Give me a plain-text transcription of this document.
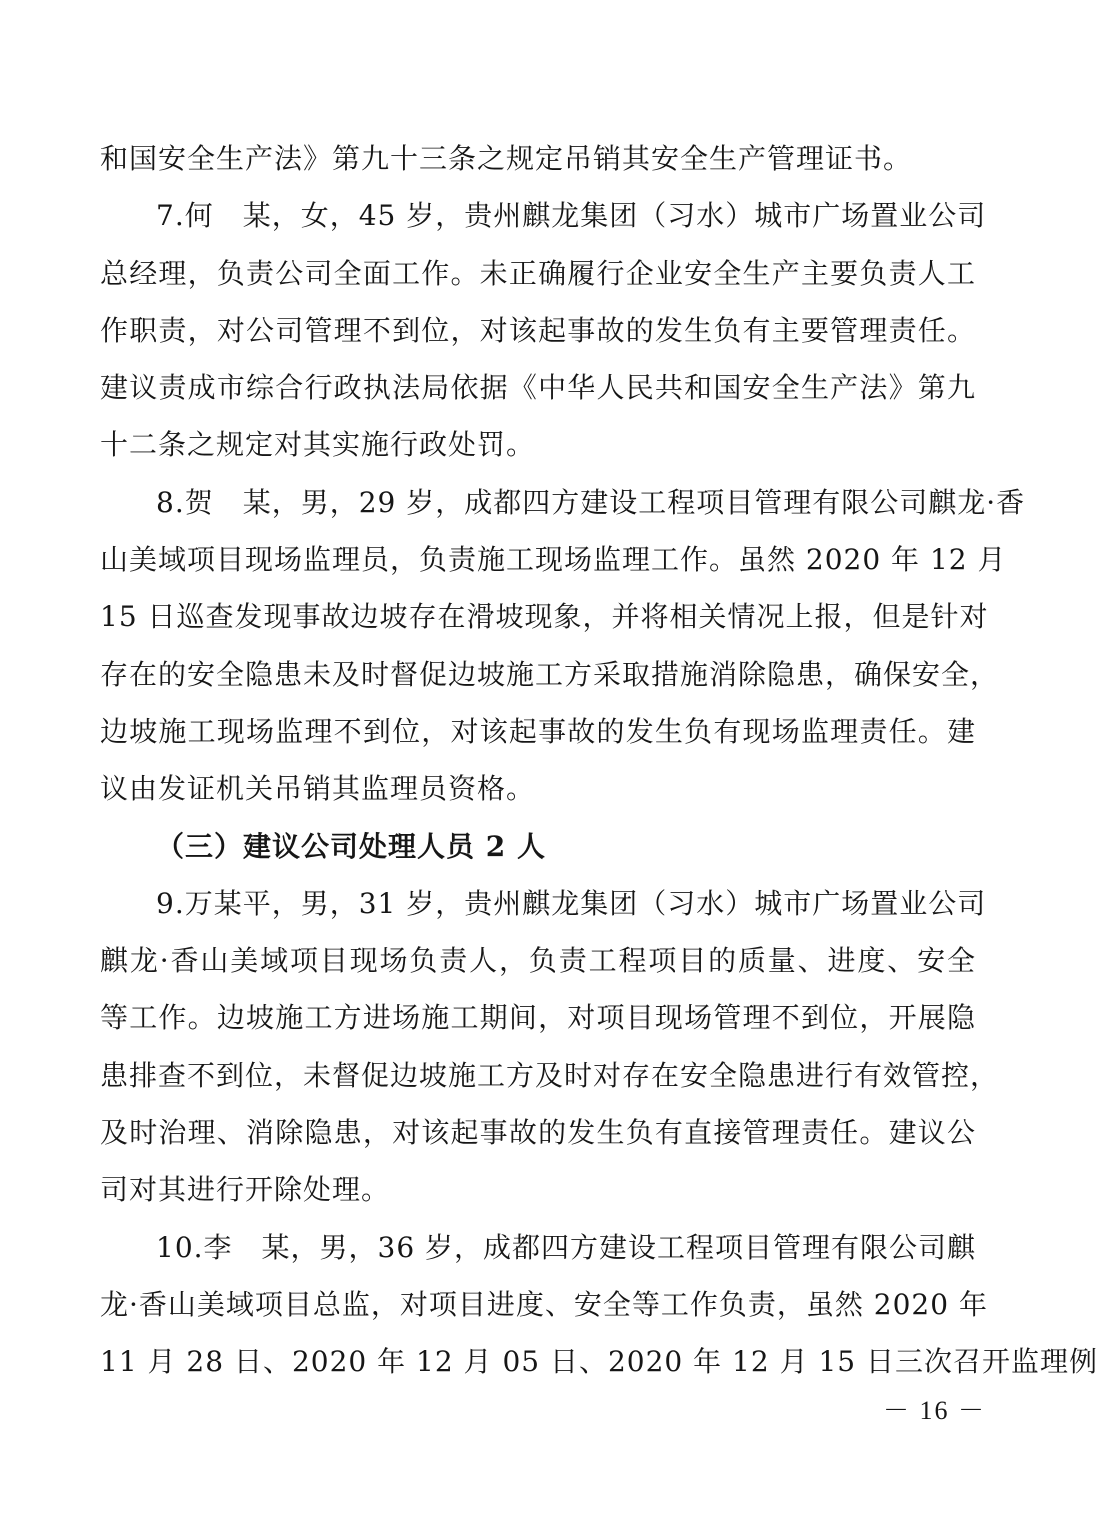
和国安全生产法》第九十三条之规定吊销其安全生产管理证书。
7.何　某，女，45 岁，贵州麒龙集团（习水）城市广场置业公司
总经理，负责公司全面工作。未正确履行企业安全生产主要负责人工
作职责，对公司管理不到位，对该起事故的发生负有主要管理责任。
建议责成市综合行政执法局依据《中华人民共和国安全生产法》第九
十二条之规定对其实施行政处罚。
8.贺　某，男，29 岁，成都四方建设工程项目管理有限公司麒龙·香
山美域项目现场监理员，负责施工现场监理工作。虽然 2020 年 12 月
15 日巡查发现事故边坡存在滑坡现象，并将相关情况上报，但是针对
存在的安全隐患未及时督促边坡施工方采取措施消除隐患，确保安全，
边坡施工现场监理不到位，对该起事故的发生负有现场监理责任。建
议由发证机关吊销其监理员资格。
（三）建议公司处理人员 2 人
9.万某平，男，31 岁，贵州麒龙集团（习水）城市广场置业公司
麒龙·香山美域项目现场负责人，负责工程项目的质量、进度、安全
等工作。边坡施工方进场施工期间，对项目现场管理不到位，开展隐
患排查不到位，未督促边坡施工方及时对存在安全隐患进行有效管控，
及时治理、消除隐患，对该起事故的发生负有直接管理责任。建议公
司对其进行开除处理。
10.李　某，男，36 岁，成都四方建设工程项目管理有限公司麒
龙·香山美域项目总监，对项目进度、安全等工作负责，虽然 2020 年
11 月 28 日、2020 年 12 月 05 日、2020 年 12 月 15 日三次召开监理例
－ 16 －
